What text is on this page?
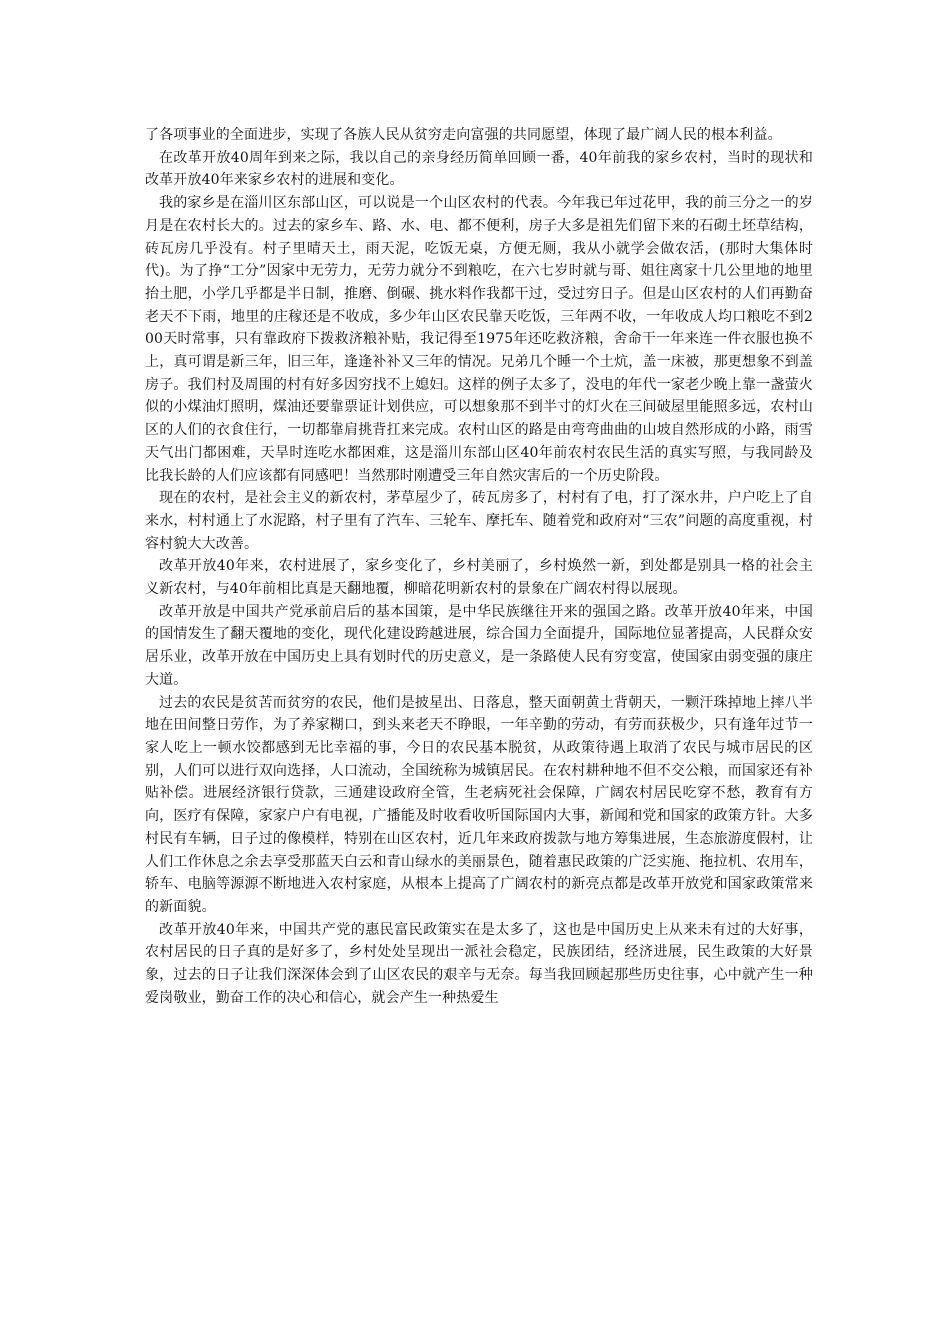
了各项事业的全面进步，实现了各族人民从贫穷走向富强的共同愿望，体现了最广阔人民的根本利益。

在改革开放40周年到来之际，我以自己的亲身经历简单回顾一番，40年前我的家乡农村，当时的现状和改革开放40年来家乡农村的进展和变化。

我的家乡是在淄川区东部山区，可以说是一个山区农村的代表。今年我已年过花甲，我的前三分之一的岁月是在农村长大的。过去的家乡车、路、水、电、都不便利，房子大多是祖先们留下来的石砌土坯草结构，砖瓦房几乎没有。村子里晴天土，雨天泥，吃饭无桌，方便无厕，我从小就学会做农活，(那时大集体时代)。为了挣“工分”因家中无劳力，无劳力就分不到粮吃，在六七岁时就与哥、姐往离家十几公里地的地里抬土肥，小学几乎都是半日制，推磨、倒碾、挑水料作我都干过，受过穷日子。但是山区农村的人们再勤奋老天不下雨，地里的庄稼还是不收成，多少年山区农民靠天吃饭，三年两不收，一年收成人均口粮吃不到200天时常事，只有靠政府下拨救济粮补贴，我记得至1975年还吃救济粮，舍命干一年来连一件衣服也换不上，真可谓是新三年，旧三年，逢逢补补又三年的情况。兄弟几个睡一个土炕，盖一床被，那更想象不到盖房子。我们村及周围的村有好多因穷找不上媳妇。这样的例子太多了，没电的年代一家老少晚上靠一盏萤火似的小煤油灯照明，煤油还要靠票证计划供应，可以想象那不到半寸的灯火在三间破屋里能照多远，农村山区的人们的衣食住行，一切都靠肩挑背扛来完成。农村山区的路是由弯弯曲曲的山坡自然形成的小路，雨雪天气出门都困难，天旱时连吃水都困难，这是淄川东部山区40年前农村农民生活的真实写照，与我同龄及比我长龄的人们应该都有同感吧！当然那时刚遭受三年自然灾害后的一个历史阶段。

现在的农村，是社会主义的新农村，茅草屋少了，砖瓦房多了，村村有了电，打了深水井，户户吃上了自来水，村村通上了水泥路，村子里有了汽车、三轮车、摩托车、随着党和政府对“三农”问题的高度重视，村容村貌大大改善。

改革开放40年来，农村进展了，家乡变化了，乡村美丽了，乡村焕然一新，到处都是别具一格的社会主义新农村，与40年前相比真是天翻地覆，柳暗花明新农村的景象在广阔农村得以展现。

改革开放是中国共产党承前启后的基本国策，是中华民族继往开来的强国之路。改革开放40年来，中国的国情发生了翻天覆地的变化，现代化建设跨越进展，综合国力全面提升，国际地位显著提高，人民群众安居乐业，改革开放在中国历史上具有划时代的历史意义，是一条路使人民有穷变富，使国家由弱变强的康庄大道。

过去的农民是贫苦而贫穷的农民，他们是披星出、日落息，整天面朝黄土背朝天，一颗汗珠掉地上摔八半地在田间整日劳作，为了养家糊口，到头来老天不睁眼，一年辛勤的劳动，有劳而获极少，只有逢年过节一家人吃上一顿水饺都感到无比幸福的事，今日的农民基本脱贫，从政策待遇上取消了农民与城市居民的区别，人们可以进行双向选择，人口流动，全国统称为城镇居民。在农村耕种地不但不交公粮，而国家还有补贴补偿。进展经济银行贷款，三通建设政府全管，生老病死社会保障，广阔农村居民吃穿不愁，教育有方向，医疗有保障，家家户户有电视，广播能及时收看收听国际国内大事，新闻和党和国家的政策方针。大多村民有车辆，日子过的像模样，特别在山区农村，近几年来政府拨款与地方筹集进展，生态旅游度假村，让人们工作休息之余去享受那蓝天白云和青山绿水的美丽景色，随着惠民政策的广泛实施、拖拉机、农用车，轿车、电脑等源源不断地进入农村家庭，从根本上提高了广阔农村的新亮点都是改革开放党和国家政策常来的新面貌。

改革开放40年来，中国共产党的惠民富民政策实在是太多了，这也是中国历史上从来未有过的大好事，农村居民的日子真的是好多了，乡村处处呈现出一派社会稳定，民族团结，经济进展，民生政策的大好景象，过去的日子让我们深深体会到了山区农民的艰辛与无奈。每当我回顾起那些历史往事，心中就产生一种爱岗敬业，勤奋工作的决心和信心，就会产生一种热爱生
